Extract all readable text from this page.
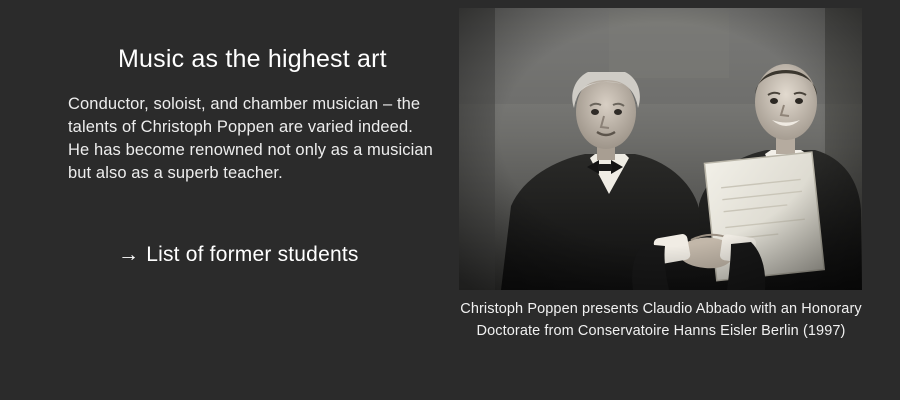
Music as the highest art

Conductor, soloist, and chamber musician – the talents of Christoph Poppen are varied indeed. He has become renowned not only as a musician but also as a superb teacher.

→ List of former students
Christoph Poppen presents Claudio Abbado with an Honorary Doctorate from Conservatoire Hanns Eisler Berlin (1997)
